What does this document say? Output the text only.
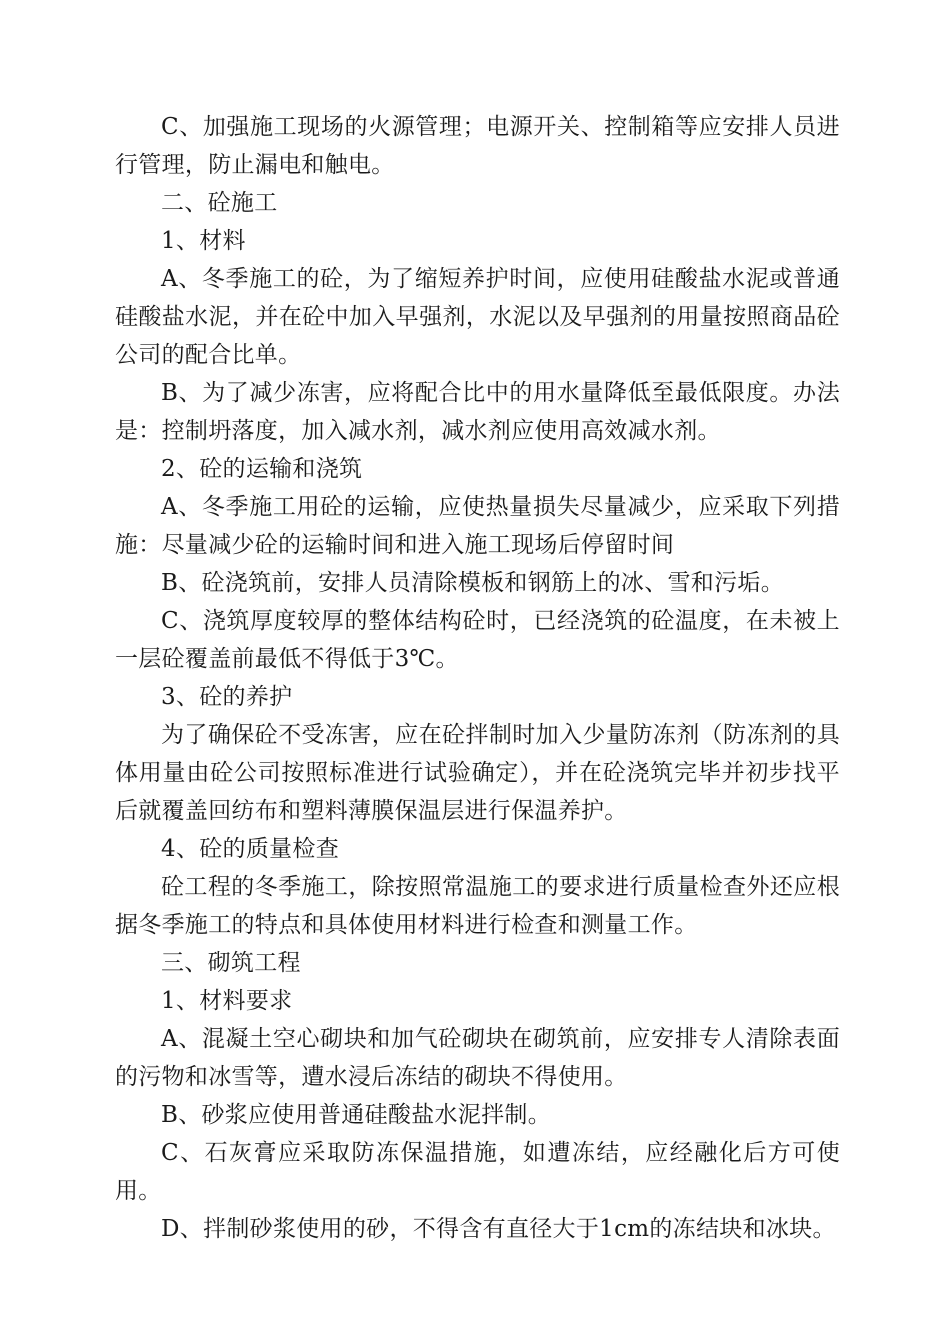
C、加强施工现场的火源管理；电源开关、控制箱等应安排人员进行管理，防止漏电和触电。

二、砼施工

1、材料

A、冬季施工的砼，为了缩短养护时间，应使用硅酸盐水泥或普通硅酸盐水泥，并在砼中加入早强剂，水泥以及早强剂的用量按照商品砼公司的配合比单。

B、为了减少冻害，应将配合比中的用水量降低至最低限度。办法是：控制坍落度，加入减水剂，减水剂应使用高效减水剂。

2、砼的运输和浇筑

A、冬季施工用砼的运输，应使热量损失尽量减少，应采取下列措施：尽量减少砼的运输时间和进入施工现场后停留时间

B、砼浇筑前，安排人员清除模板和钢筋上的冰、雪和污垢。

C、浇筑厚度较厚的整体结构砼时，已经浇筑的砼温度，在未被上一层砼覆盖前最低不得低于3℃。

3、砼的养护

为了确保砼不受冻害，应在砼拌制时加入少量防冻剂（防冻剂的具体用量由砼公司按照标准进行试验确定），并在砼浇筑完毕并初步找平后就覆盖回纺布和塑料薄膜保温层进行保温养护。

4、砼的质量检查

砼工程的冬季施工，除按照常温施工的要求进行质量检查外还应根据冬季施工的特点和具体使用材料进行检查和测量工作。

三、砌筑工程

1、材料要求

A、混凝土空心砌块和加气砼砌块在砌筑前，应安排专人清除表面的污物和冰雪等，遭水浸后冻结的砌块不得使用。

B、砂浆应使用普通硅酸盐水泥拌制。

C、石灰膏应采取防冻保温措施，如遭冻结，应经融化后方可使用。

D、拌制砂浆使用的砂，不得含有直径大于1cm的冻结块和冰块。
